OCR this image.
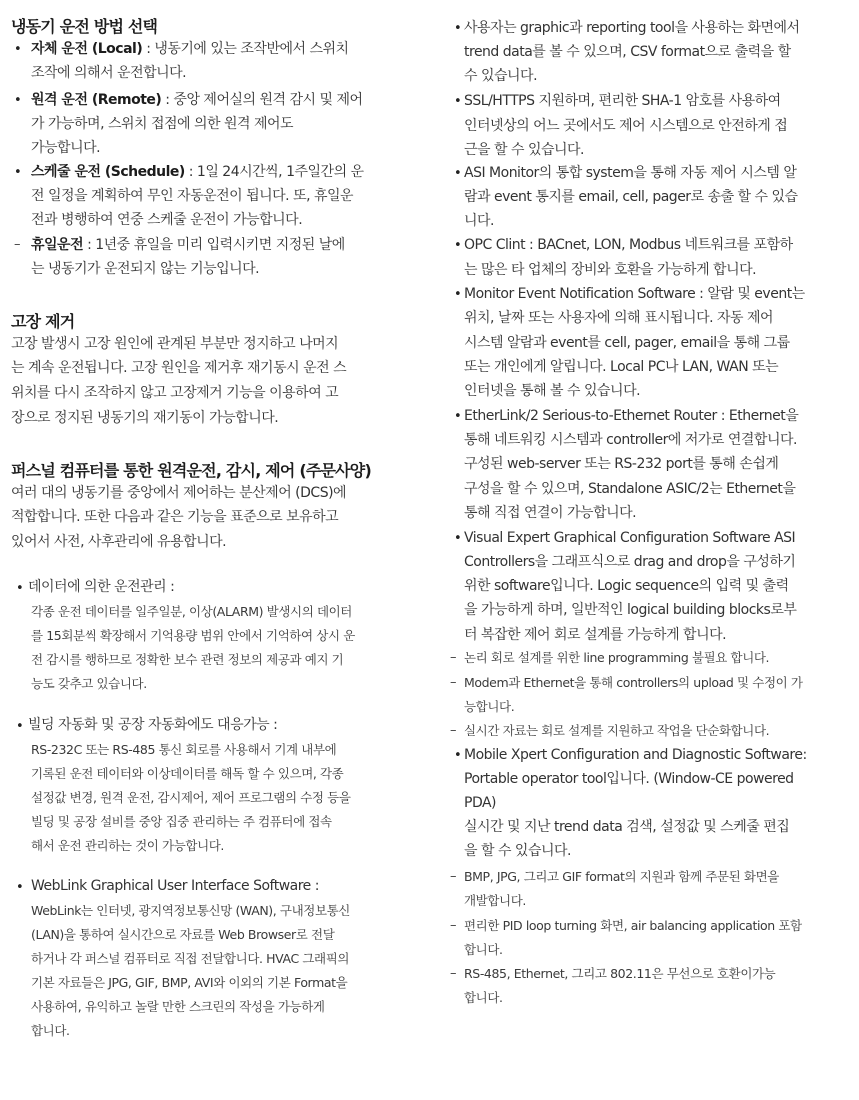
냉동기 운전 방법 선택
• 자체 운전 (Local) : 냉동기에 있는 조작반에서 스위치
조작에 의해서 운전합니다.
• 원격 운전 (Remote) : 중앙 제어실의 원격 감시 및 제어
가 가능하며, 스위치 접점에 의한 원격 제어도
가능합니다.
• 스케줄 운전 (Schedule) : 1일 24시간씩, 1주일간의 운
전 일정을 계획하여 무인 자동운전이 됩니다. 또, 휴일운
전과 병행하여 연중 스케줄 운전이 가능합니다.
– 휴일운전 : 1년중 휴일을 미리 입력시키면 지정된 날에
는 냉동기가 운전되지 않는 기능입니다.
고장 제거
고장 발생시 고장 원인에 관계된 부분만 정지하고 나머지
는 계속 운전됩니다. 고장 원인을 제거후 재기동시 운전 스
위치를 다시 조작하지 않고 고장제거 기능을 이용하여 고
장으로 정지된 냉동기의 재기동이 가능합니다.
퍼스널 컴퓨터를 통한 원격운전, 감시, 제어 (주문사양)
여러 대의 냉동기를 중앙에서 제어하는 분산제어 (DCS)에
적합합니다. 또한 다음과 같은 기능을 표준으로 보유하고
있어서 사전, 사후관리에 유용합니다.
• 데이터에 의한 운전관리 :
각종 운전 데이터를 일주일분, 이상(ALARM) 발생시의 데이터
를 15회분씩 확장해서 기억용량 범위 안에서 기억하여 상시 운
전 감시를 행하므로 정확한 보수 관련 정보의 제공과 예지 기
능도 갖추고 있습니다.
• 빌딩 자동화 및 공장 자동화에도 대응가능 :
RS-232C 또는 RS-485 통신 회로를 사용해서 기계 내부에
기록된 운전 테이터와 이상데이터를 해독 할 수 있으며, 각종
설정값 변경, 원격 운전, 감시제어, 제어 프로그램의 수정 등을
빌딩 및 공장 설비를 중앙 집중 관리하는 주 컴퓨터에 접속
해서 운전 관리하는 것이 가능합니다.
• WebLink Graphical User Interface Software :
WebLink는 인터넷, 광지역정보통신망 (WAN), 구내정보통신
(LAN)을 통하여 실시간으로 자료를 Web Browser로 전달
하거나 각 퍼스널 컴퓨터로 직접 전달합니다. HVAC 그래픽의
기본 자료들은 JPG, GIF, BMP, AVI와 이외의 기본 Format을
사용하여, 유익하고 놀랄 만한 스크린의 작성을 가능하게
합니다.
• 사용자는 graphic과 reporting tool을 사용하는 화면에서
trend data를 볼 수 있으며, CSV format으로 출력을 할
수 있습니다.
• SSL/HTTPS 지원하며, 편리한 SHA-1 암호를 사용하여
인터넷상의 어느 곳에서도 제어 시스템으로 안전하게 접
근을 할 수 있습니다.
• ASI Monitor의 통합 system을 통해 자동 제어 시스템 알
람과 event 통지를 email, cell, pager로 송출 할 수 있습
니다.
• OPC Clint : BACnet, LON, Modbus 네트워크를 포함하
는 많은 타 업체의 장비와 호환을 가능하게 합니다.
• Monitor Event Notification Software : 알람 및 event는
위치, 날짜 또는 사용자에 의해 표시됩니다. 자동 제어
시스템 알람과 event를 cell, pager, email을 통해 그룹
또는 개인에게 알립니다. Local PC나 LAN, WAN 또는
인터넷을 통해 볼 수 있습니다.
• EtherLink/2 Serious-to-Ethernet Router : Ethernet을
통해 네트워킹 시스템과 controller에 저가로 연결합니다.
구성된 web-server 또는 RS-232 port를 통해 손쉽게
구성을 할 수 있으며, Standalone ASIC/2는 Ethernet을
통해 직접 연결이 가능합니다.
• Visual Expert Graphical Configuration Software ASI
Controllers을 그래프식으로 drag and drop을 구성하기
위한 software입니다. Logic sequence의 입력 및 출력
을 가능하게 하며, 일반적인 logical building blocks로부
터 복잡한 제어 회로 설계를 가능하게 합니다.
– 논리 회로 설계를 위한 line programming 불필요 합니다.
– Modem과 Ethernet을 통해 controllers의 upload 및 수정이 가
능합니다.
– 실시간 자료는 회로 설계를 지원하고 작업을 단순화합니다.
• Mobile Xpert Configuration and Diagnostic Software:
Portable operator tool입니다. (Window-CE powered
PDA)
실시간 및 지난 trend data 검색, 설정값 및 스케줄 편집
을 할 수 있습니다.
– BMP, JPG, 그리고 GIF format의 지원과 함께 주문된 화면을
개발합니다.
– 편리한 PID loop turning 화면, air balancing application 포함
합니다.
– RS-485, Ethernet, 그리고 802.11은 무선으로 호환이가능
합니다.
